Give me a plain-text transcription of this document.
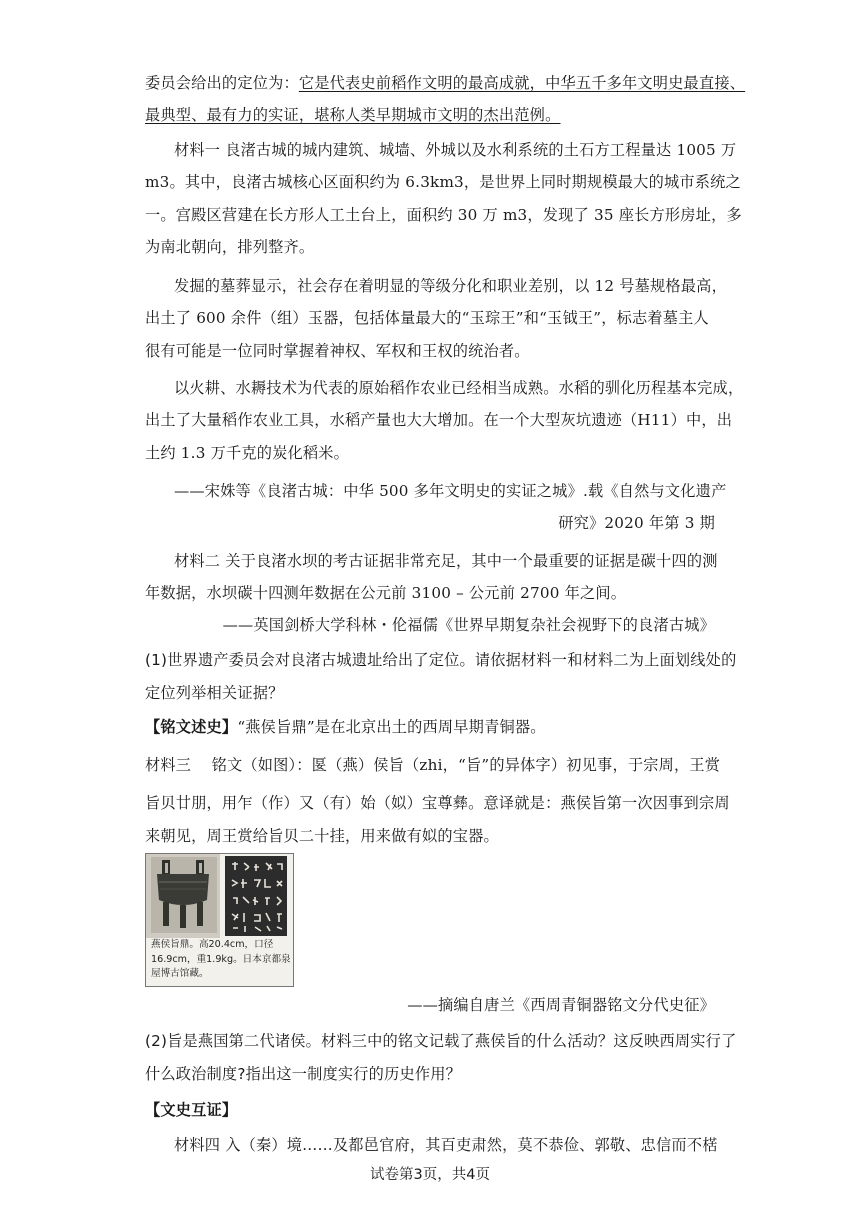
委员会给出的定位为：它是代表史前稻作文明的最高成就，中华五千多年文明史最直接、
最典型、最有力的实证，堪称人类早期城市文明的杰出范例。
材料一 良渚古城的城内建筑、城墙、外城以及水利系统的土石方工程量达 1005 万
m3。其中，良渚古城核心区面积约为 6.3km3，是世界上同时期规模最大的城市系统之
一。宫殿区营建在长方形人工土台上，面积约 30 万 m3，发现了 35 座长方形房址，多
为南北朝向，排列整齐。
发掘的墓葬显示，社会存在着明显的等级分化和职业差别，以 12 号墓规格最高，
出土了 600 余件（组）玉器，包括体量最大的“玉琮王”和“玉钺王”，标志着墓主人
很有可能是一位同时掌握着神权、军权和王权的统治者。
以火耕、水耨技术为代表的原始稻作农业已经相当成熟。水稻的驯化历程基本完成，
出土了大量稻作农业工具，水稻产量也大大增加。在一个大型灰坑遗迹（H11）中，出
土约 1.3 万千克的炭化稻米。
——宋姝等《良渚古城：中华 500 多年文明史的实证之城》.载《自然与文化遗产
研究》2020 年第 3 期
材料二 关于良渚水坝的考古证据非常充足，其中一个最重要的证据是碳十四的测
年数据，水坝碳十四测年数据在公元前 3100 – 公元前 2700 年之间。
——英国剑桥大学科林・伦福儒《世界早期复杂社会视野下的良渚古城》
(1)世界遗产委员会对良渚古城遗址给出了定位。请依据材料一和材料二为上面划线处的
定位列举相关证据？
【铭文述史】“燕侯旨鼎”是在北京出土的西周早期青铜器。
材料三　 铭文（如图）：匽（燕）侯旨（zhi，“旨”的异体字）初见事，于宗周，王赏
旨贝廿朋，用乍（作）又（有）始（姒）宝尊彝。意译就是：燕侯旨第一次因事到宗周
来朝见，周王赏给旨贝二十挂，用来做有姒的宝器。
燕侯旨鼎。高20.4cm，口径16.9cm，重1.9kg。日本京都泉屋博古馆藏。
——摘编自唐兰《西周青铜器铭文分代史征》
(2)旨是燕国第二代诸侯。材料三中的铭文记载了燕侯旨的什么活动？这反映西周实行了
什么政治制度?指出这一制度实行的历史作用？
【文史互证】
材料四 入（秦）境……及都邑官府，其百吏肃然，莫不恭俭、郭敬、忠信而不楛
试卷第3页，共4页
